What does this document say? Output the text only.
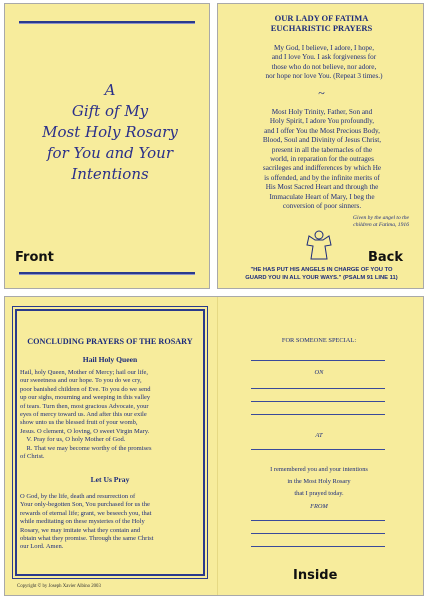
A
Gift of My
Most Holy Rosary
for You and Your
Intentions
Front
OUR LADY OF FATIMA
EUCHARISTIC PRAYERS
My God, I believe, I adore, I hope,
and I love You. I ask forgiveness for
those who do not believe, nor adore,
nor hope nor love You. (Repeat 3 times.)
~
Most Holy Trinity, Father, Son and
Holy Spirit, I adore You profoundly,
and I offer You the Most Precious Body,
Blood, Soul and Divinity of Jesus Christ,
present in all the tabernacles of the
world, in reparation for the outrages
sacrileges and indifferences by which He
is offended, and by the infinite merits of
His Most Sacred Heart and through the
Immaculate Heart of Mary, I beg the
conversion of poor sinners.
Given by the angel to the
children at Fatima, 1916
Back
"HE HAS PUT HIS ANGELS IN CHARGE OF YOU TO
GUARD YOU IN ALL YOUR WAYS." (PSALM 91 LINE 11)
CONCLUDING PRAYERS OF THE ROSARY
Hail Holy Queen
Hail, holy Queen, Mother of Mercy; hail our life,
our sweetness and our hope. To you do we cry,
poor banished children of Eve. To you do we send
up our sighs, mourning and weeping in this valley
of tears. Turn then, most gracious Advocate, your
eyes of mercy toward us. And after this our exile
show unto us the blessed fruit of your womb,
Jesus. O clement, O loving, O sweet Virgin Mary.
V. Pray for us, O holy Mother of God.
R. That we may become worthy of the promises
of Christ.
Let Us Pray
O God, by the life, death and resurrection of
Your only-begotten Son, You purchased for us the
rewards of eternal life; grant, we beseech you, that
while meditating on these mysteries of the Holy
Rosary, we may imitate what they contain and
obtain what they promise. Through the same Christ
our Lord. Amen.
Copyright © by Joseph Xavier Albino 2003
FOR SOMEONE SPECIAL:
ON
AT
I remembered you and your intentions
in the Most Holy Rosary
that I prayed today.
FROM
Inside
